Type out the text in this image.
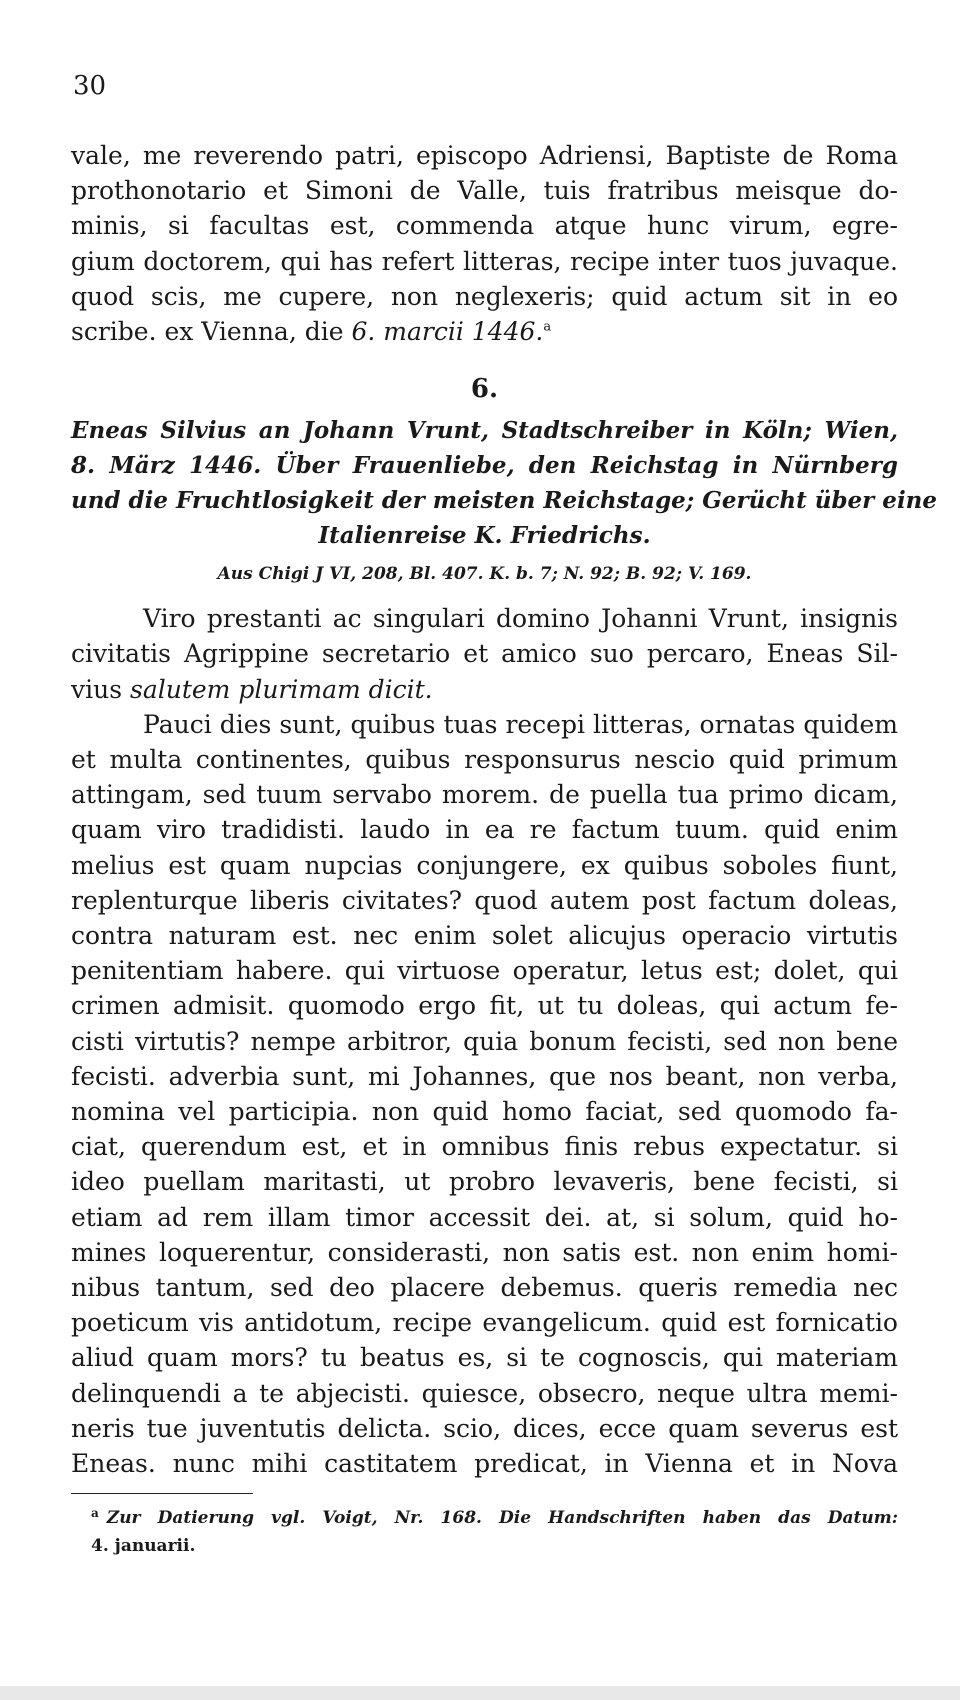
30
vale, me reverendo patri, episcopo Adriensi, Baptiste de Roma
prothonotario et Simoni de Valle, tuis fratribus meisque do-
minis, si facultas est, commenda atque hunc virum, egre-
gium doctorem, qui has refert litteras, recipe inter tuos juvaque.
quod scis, me cupere, non neglexeris; quid actum sit in eo
scribe. ex Vienna, die 6. marcii 1446.$^a$
6.
Eneas Silvius an Johann Vrunt, Stadtschreiber in Köln; Wien,
8. März 1446. Über Frauenliebe, den Reichstag in Nürnberg
und die Fruchtlosigkeit der meisten Reichstage; Gerücht über eine
Italienreise K. Friedrichs.
Aus Chigi J VI, 208, Bl. 407. K. b. 7; N. 92; B. 92; V. 169.
Viro prestanti ac singulari domino Johanni Vrunt, insignis
civitatis Agrippine secretario et amico suo percaro, Eneas Sil-
vius salutem plurimam dicit.
Pauci dies sunt, quibus tuas recepi litteras, ornatas quidem
et multa continentes, quibus responsurus nescio quid primum
attingam, sed tuum servabo morem. de puella tua primo dicam,
quam viro tradidisti. laudo in ea re factum tuum. quid enim
melius est quam nupcias conjungere, ex quibus soboles fiunt,
replenturque liberis civitates? quod autem post factum doleas,
contra naturam est. nec enim solet alicujus operacio virtutis
penitentiam habere. qui virtuose operatur, letus est; dolet, qui
crimen admisit. quomodo ergo fit, ut tu doleas, qui actum fe-
cisti virtutis? nempe arbitror, quia bonum fecisti, sed non bene
fecisti. adverbia sunt, mi Johannes, que nos beant, non verba,
nomina vel participia. non quid homo faciat, sed quomodo fa-
ciat, querendum est, et in omnibus finis rebus expectatur. si
ideo puellam maritasti, ut probro levaveris, bene fecisti, si
etiam ad rem illam timor accessit dei. at, si solum, quid ho-
mines loquerentur, considerasti, non satis est. non enim homi-
nibus tantum, sed deo placere debemus. queris remedia nec
poeticum vis antidotum, recipe evangelicum. quid est fornicatio
aliud quam mors? tu beatus es, si te cognoscis, qui materiam
delinquendi a te abjecisti. quiesce, obsecro, neque ultra memi-
neris tue juventutis delicta. scio, dices, ecce quam severus est
Eneas. nunc mihi castitatem predicat, in Vienna et in Nova
$^a$ Zur Datierung vgl. Voigt, Nr. 168. Die Handschriften haben das Datum:
4. januarii.
